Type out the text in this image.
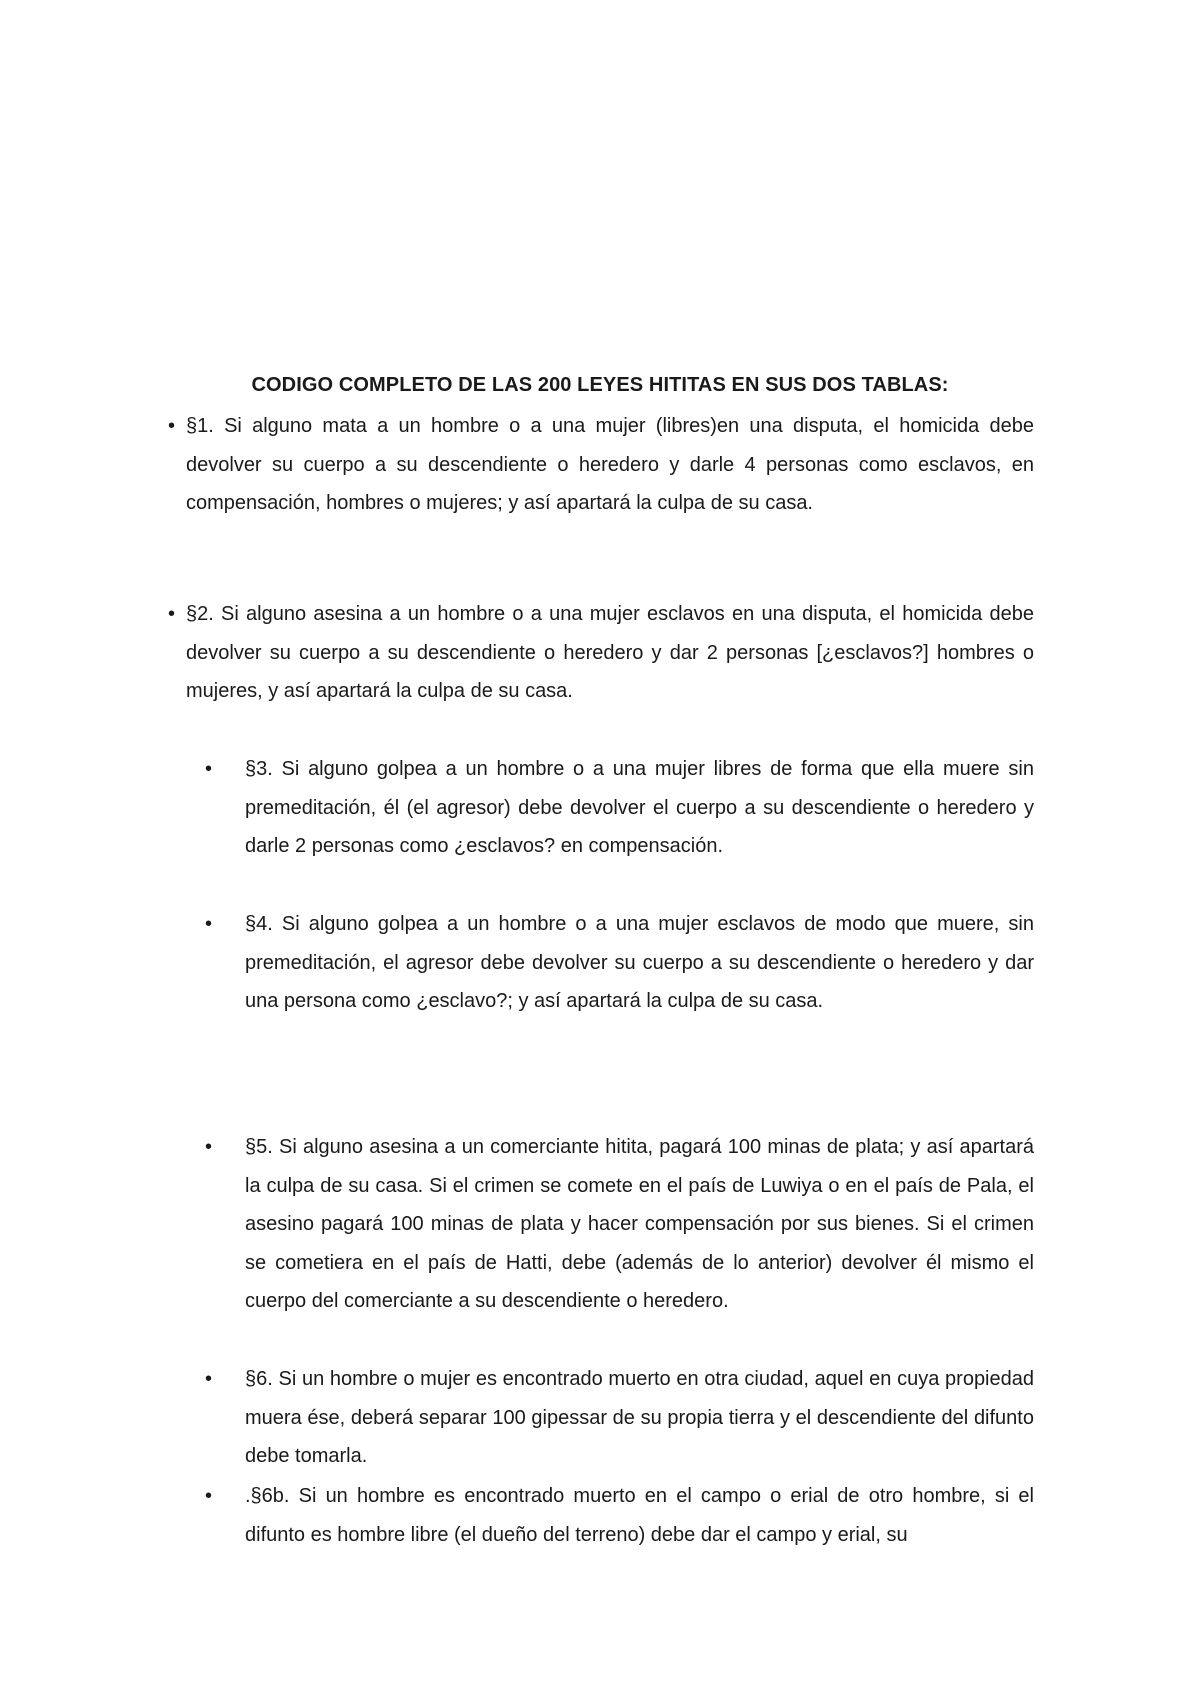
CODIGO COMPLETO DE LAS 200 LEYES HITITAS EN SUS DOS TABLAS:
• §1. Si alguno mata a un hombre o a una mujer (libres)en una disputa, el homicida debe devolver su cuerpo a su descendiente o heredero y darle 4 personas como esclavos, en compensación, hombres o mujeres; y así apartará la culpa de su casa.
• §2. Si alguno asesina a un hombre o a una mujer esclavos en una disputa, el homicida debe devolver su cuerpo a su descendiente o heredero y dar 2 personas [¿esclavos?] hombres o mujeres, y así apartará la culpa de su casa.
• §3. Si alguno golpea a un hombre o a una mujer libres de forma que ella muere sin premeditación, él (el agresor) debe devolver el cuerpo a su descendiente o heredero y darle 2 personas como ¿esclavos? en compensación.
• §4. Si alguno golpea a un hombre o a una mujer esclavos de modo que muere, sin premeditación, el agresor debe devolver su cuerpo a su descendiente o heredero y dar una persona como ¿esclavo?; y así apartará la culpa de su casa.
• §5. Si alguno asesina a un comerciante hitita, pagará 100 minas de plata; y así apartará la culpa de su casa. Si el crimen se comete en el país de Luwiya o en el país de Pala, el asesino pagará 100 minas de plata y hacer compensación por sus bienes. Si el crimen se cometiera en el país de Hatti, debe (además de lo anterior) devolver él mismo el cuerpo del comerciante a su descendiente o heredero.
• §6. Si un hombre o mujer es encontrado muerto en otra ciudad, aquel en cuya propiedad muera ése, deberá separar 100 gipessar de su propia tierra y el descendiente del difunto debe tomarla.
• .§6b. Si un hombre es encontrado muerto en el campo o erial de otro hombre, si el difunto es hombre libre (el dueño del terreno) debe dar el campo y erial, su
